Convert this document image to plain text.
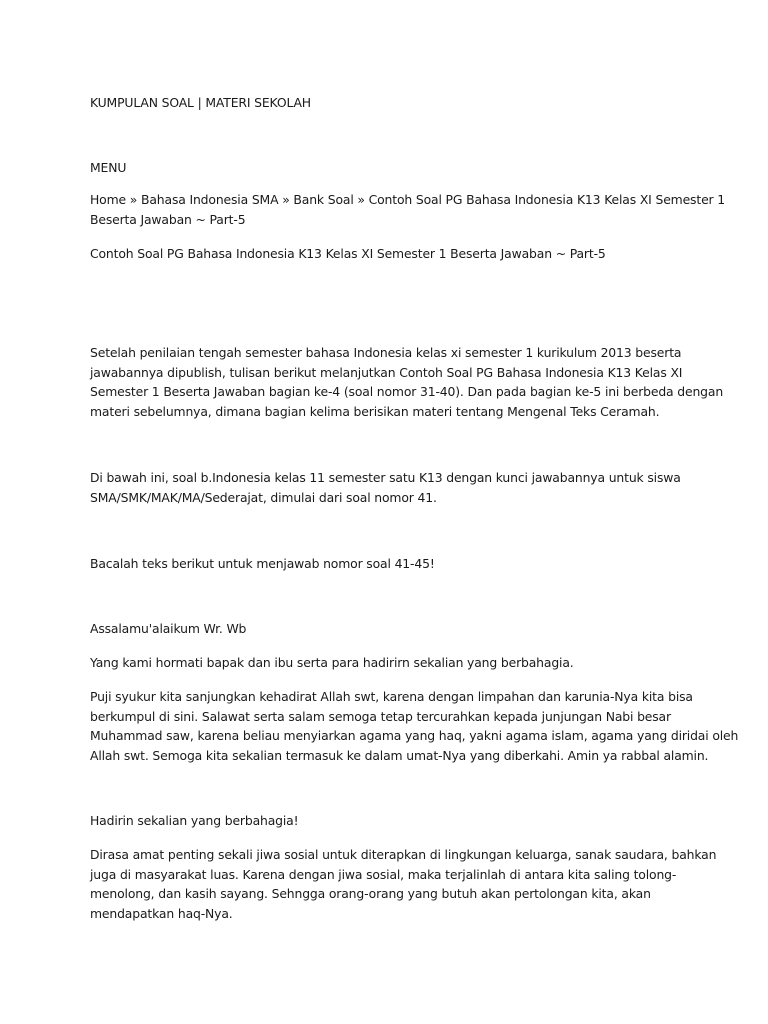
KUMPULAN SOAL | MATERI SEKOLAH

MENU

Home » Bahasa Indonesia SMA » Bank Soal » Contoh Soal PG Bahasa Indonesia K13 Kelas XI Semester 1
Beserta Jawaban ~ Part-5

Contoh Soal PG Bahasa Indonesia K13 Kelas XI Semester 1 Beserta Jawaban ~ Part-5

Setelah penilaian tengah semester bahasa Indonesia kelas xi semester 1 kurikulum 2013 beserta
jawabannya dipublish, tulisan berikut melanjutkan Contoh Soal PG Bahasa Indonesia K13 Kelas XI
Semester 1 Beserta Jawaban bagian ke-4 (soal nomor 31-40). Dan pada bagian ke-5 ini berbeda dengan
materi sebelumnya, dimana bagian kelima berisikan materi tentang Mengenal Teks Ceramah.

Di bawah ini, soal b.Indonesia kelas 11 semester satu K13 dengan kunci jawabannya untuk siswa
SMA/SMK/MAK/MA/Sederajat, dimulai dari soal nomor 41.

Bacalah teks berikut untuk menjawab nomor soal 41-45!

Assalamu'alaikum Wr. Wb

Yang kami hormati bapak dan ibu serta para hadirirn sekalian yang berbahagia.

Puji syukur kita sanjungkan kehadirat Allah swt, karena dengan limpahan dan karunia-Nya kita bisa
berkumpul di sini. Salawat serta salam semoga tetap tercurahkan kepada junjungan Nabi besar
Muhammad saw, karena beliau menyiarkan agama yang haq, yakni agama islam, agama yang diridai oleh
Allah swt. Semoga kita sekalian termasuk ke dalam umat-Nya yang diberkahi. Amin ya rabbal alamin.

Hadirin sekalian yang berbahagia!

Dirasa amat penting sekali jiwa sosial untuk diterapkan di lingkungan keluarga, sanak saudara, bahkan
juga di masyarakat luas. Karena dengan jiwa sosial, maka terjalinlah di antara kita saling tolong-
menolong, dan kasih sayang. Sehngga orang-orang yang butuh akan pertolongan kita, akan
mendapatkan haq-Nya.
